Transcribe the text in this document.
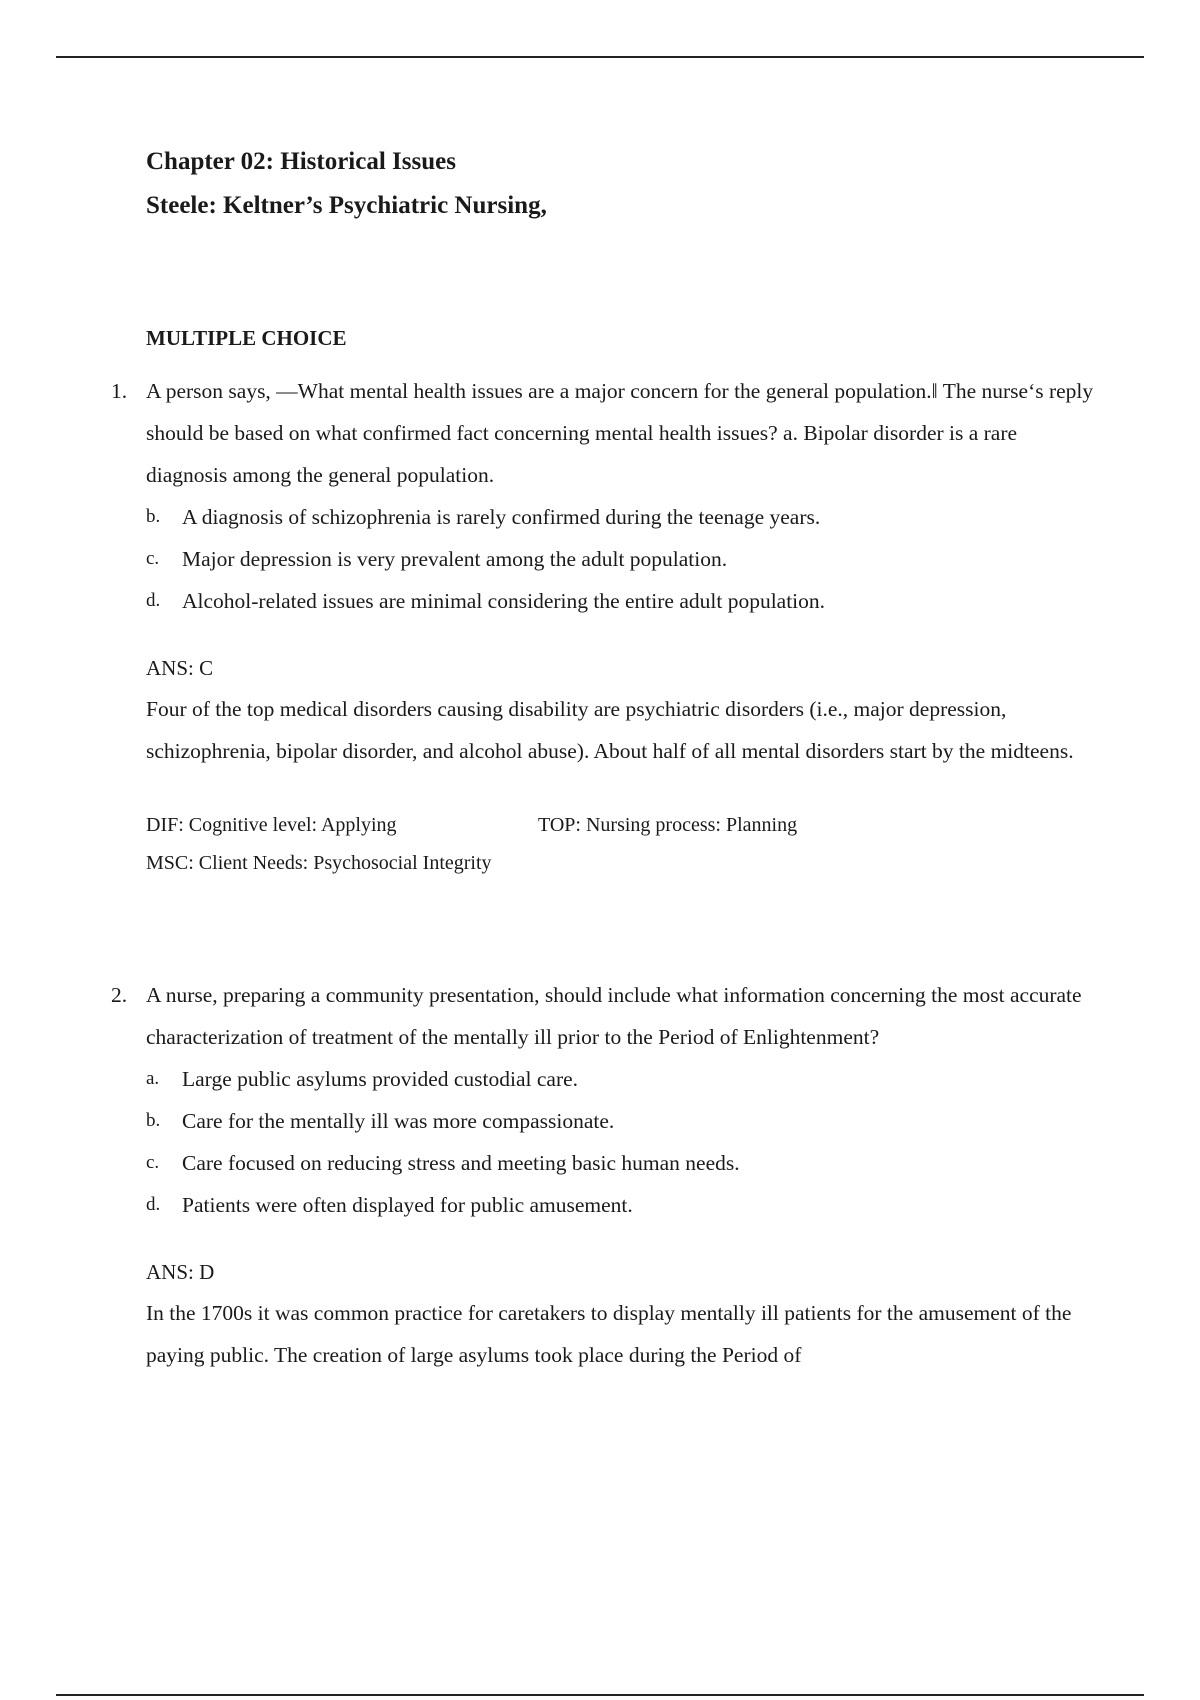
Chapter 02: Historical Issues

Steele: Keltner’s Psychiatric Nursing,

MULTIPLE CHOICE

1. A person says, ―What mental health issues are a major concern for the general population.‖ The nurse‘s reply should be based on what confirmed fact concerning mental health issues? a. Bipolar disorder is a rare diagnosis among the general population.

b. A diagnosis of schizophrenia is rarely confirmed during the teenage years.
c. Major depression is very prevalent among the adult population.
d. Alcohol-related issues are minimal considering the entire adult population.

ANS: C

Four of the top medical disorders causing disability are psychiatric disorders (i.e., major depression, schizophrenia, bipolar disorder, and alcohol abuse). About half of all mental disorders start by the midteens.

DIF: Cognitive level: Applying	TOP: Nursing process: Planning
MSC: Client Needs: Psychosocial Integrity
2. A nurse, preparing a community presentation, should include what information concerning the most accurate characterization of treatment of the mentally ill prior to the Period of Enlightenment?

a. Large public asylums provided custodial care.
b. Care for the mentally ill was more compassionate.
c. Care focused on reducing stress and meeting basic human needs.
d. Patients were often displayed for public amusement.

ANS: D

In the 1700s it was common practice for caretakers to display mentally ill patients for the amusement of the paying public. The creation of large asylums took place during the Period of
